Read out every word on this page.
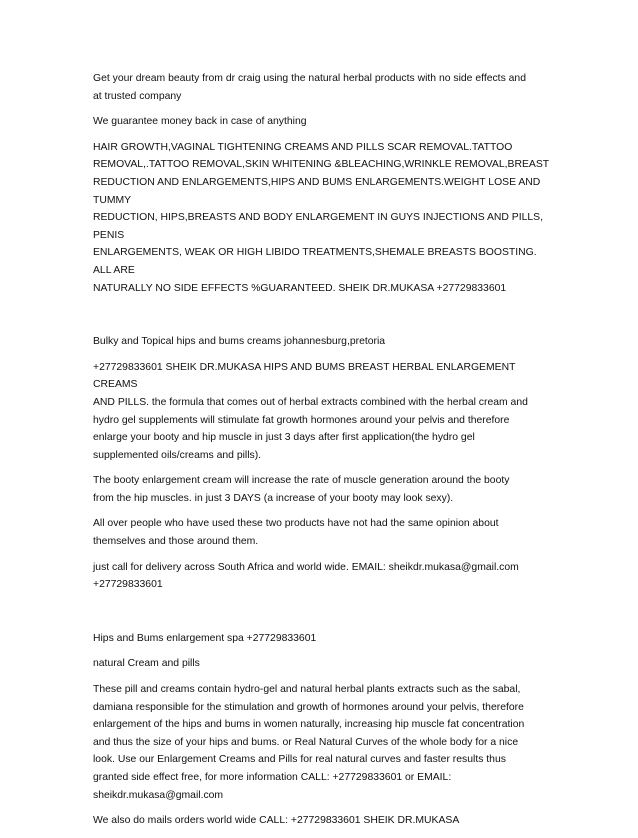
Get your dream beauty from dr craig using the natural herbal products with no side effects and
at trusted company

We guarantee money back in case of anything

HAIR GROWTH,VAGINAL TIGHTENING CREAMS AND PILLS SCAR REMOVAL.TATTOO
REMOVAL,.TATTOO REMOVAL,SKIN WHITENING &BLEACHING,WRINKLE REMOVAL,BREAST
REDUCTION AND ENLARGEMENTS,HIPS AND BUMS ENLARGEMENTS.WEIGHT LOSE AND TUMMY
REDUCTION, HIPS,BREASTS AND BODY ENLARGEMENT IN GUYS INJECTIONS AND PILLS, PENIS
ENLARGEMENTS, WEAK OR HIGH LIBIDO TREATMENTS,SHEMALE BREASTS BOOSTING. ALL ARE
NATURALLY NO SIDE EFFECTS %GUARANTEED. SHEIK DR.MUKASA +27729833601

Bulky and Topical hips and bums creams johannesburg,pretoria

+27729833601 SHEIK DR.MUKASA HIPS AND BUMS BREAST HERBAL ENLARGEMENT CREAMS
AND PILLS. the formula that comes out of herbal extracts combined with the herbal cream and
hydro gel supplements will stimulate fat growth hormones around your pelvis and therefore
enlarge your booty and hip muscle in just 3 days after first application(the hydro gel
supplemented oils/creams and pills).

The booty enlargement cream will increase the rate of muscle generation around the booty
from the hip muscles. in just 3 DAYS (a increase of your booty may look sexy).

All over people who have used these two products have not had the same opinion about
themselves and those around them.

just call for delivery across South Africa and world wide. EMAIL: sheikdr.mukasa@gmail.com
+27729833601

Hips and Bums enlargement spa +27729833601

natural Cream and pills

These pill and creams contain hydro-gel and natural herbal plants extracts such as the sabal,
damiana responsible for the stimulation and growth of hormones around your pelvis, therefore
enlargement of the hips and bums in women naturally, increasing hip muscle fat concentration
and thus the size of your hips and bums. or Real Natural Curves of the whole body for a nice
look. Use our Enlargement Creams and Pills for real natural curves and faster results thus
granted side effect free, for more information CALL: +27729833601 or EMAIL:
sheikdr.mukasa@gmail.com

We also do mails orders world wide CALL: +27729833601 SHEIK DR.MUKASA
